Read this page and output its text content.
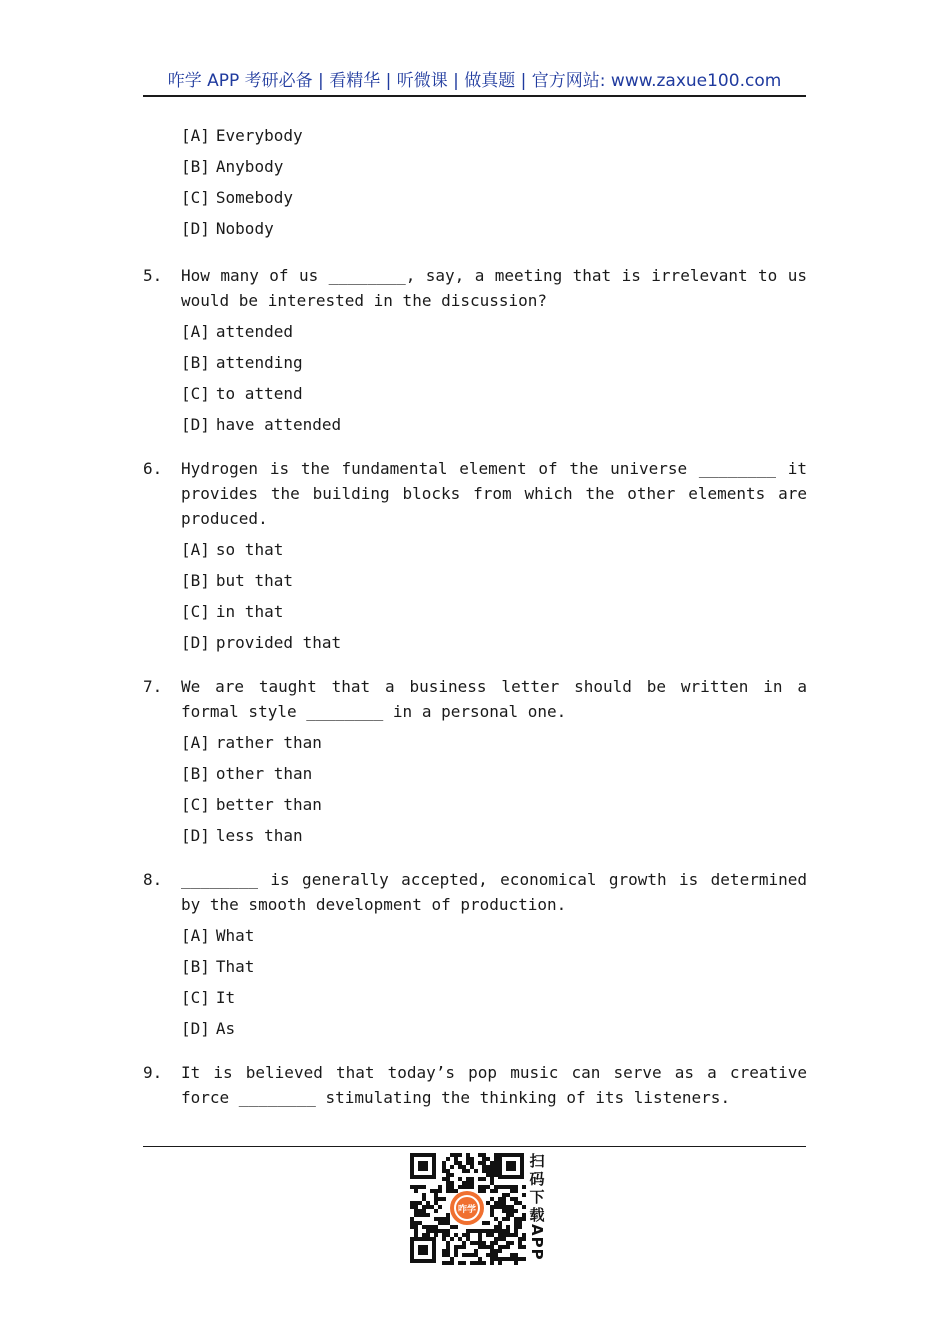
咋学 APP 考研必备 | 看精华 | 听微课 | 做真题 | 官方网站: www.zaxue100.com
[A] Everybody
[B] Anybody
[C] Somebody
[D] Nobody
5.	How many of us ________, say, a meeting that is irrelevant to us would be interested in the discussion?
[A] attended
[B] attending
[C] to attend
[D] have attended
6.	Hydrogen is the fundamental element of the universe ________ it provides the building blocks from which the other elements are produced.
[A] so that
[B] but that
[C] in that
[D] provided that
7.	We are taught that a business letter should be written in a formal style ________ in a personal one.
[A] rather than
[B] other than
[C] better than
[D] less than
8.	________ is generally accepted, economical growth is determined by the smooth development of production.
[A] What
[B] That
[C] It
[D] As
9.	It is believed that today’s pop music can serve as a creative force ________ stimulating the thinking of its listeners.
咋学
扫
码
下
载
APP
